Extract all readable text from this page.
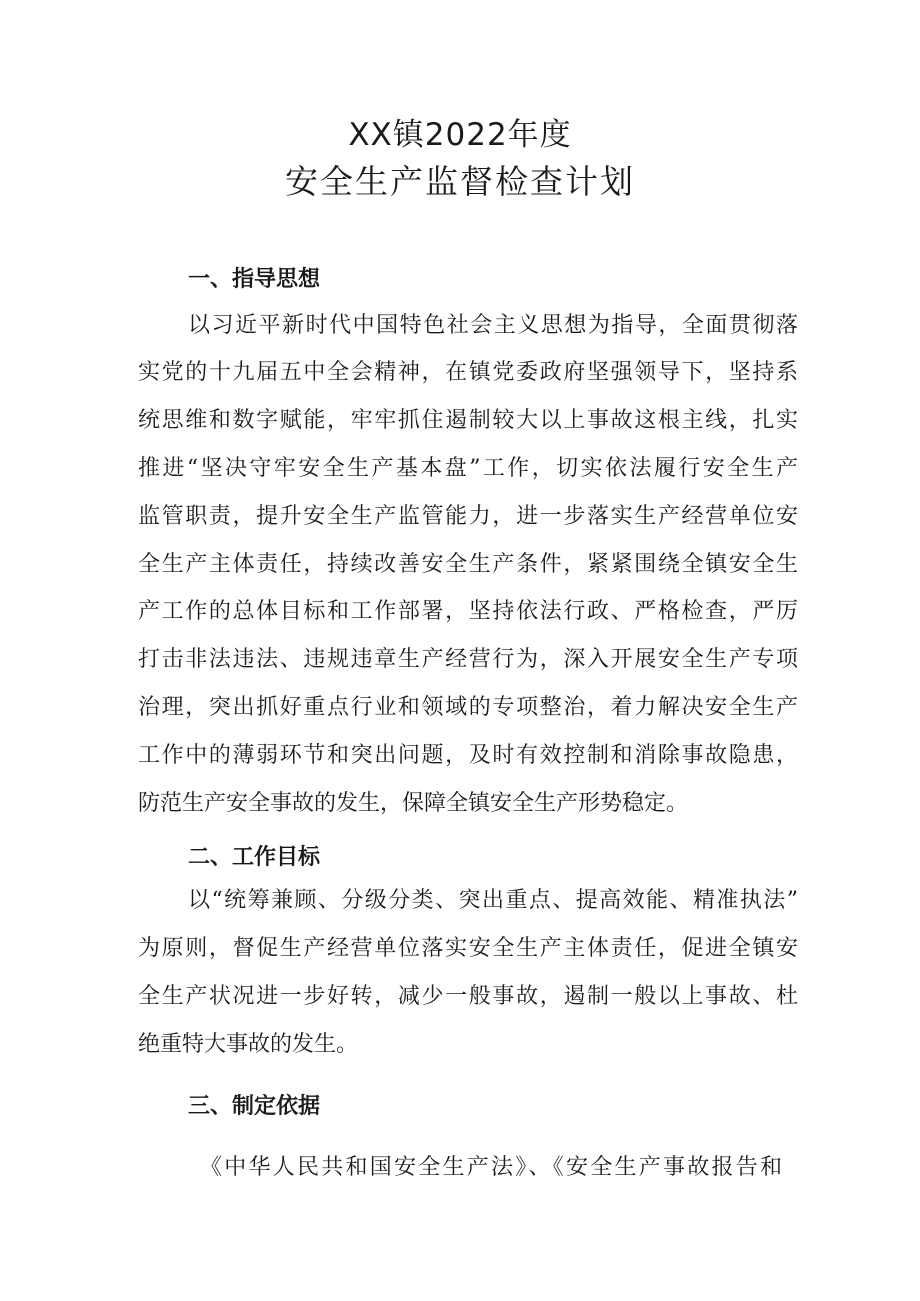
XX镇2022年度
安全生产监督检查计划
一、指导思想
以习近平新时代中国特色社会主义思想为指导，全面贯彻落
实党的十九届五中全会精神，在镇党委政府坚强领导下，坚持系
统思维和数字赋能，牢牢抓住遏制较大以上事故这根主线，扎实
推进“坚决守牢安全生产基本盘”工作，切实依法履行安全生产
监管职责，提升安全生产监管能力，进一步落实生产经营单位安
全生产主体责任，持续改善安全生产条件，紧紧围绕全镇安全生
产工作的总体目标和工作部署，坚持依法行政、严格检查，严厉
打击非法违法、违规违章生产经营行为，深入开展安全生产专项
治理，突出抓好重点行业和领域的专项整治，着力解决安全生产
工作中的薄弱环节和突出问题，及时有效控制和消除事故隐患，
防范生产安全事故的发生，保障全镇安全生产形势稳定。
二、工作目标
以“统筹兼顾、分级分类、突出重点、提高效能、精准执法”
为原则，督促生产经营单位落实安全生产主体责任，促进全镇安
全生产状况进一步好转，减少一般事故，遏制一般以上事故、杜
绝重特大事故的发生。
三、制定依据
《中华人民共和国安全生产法》、《安全生产事故报告和
